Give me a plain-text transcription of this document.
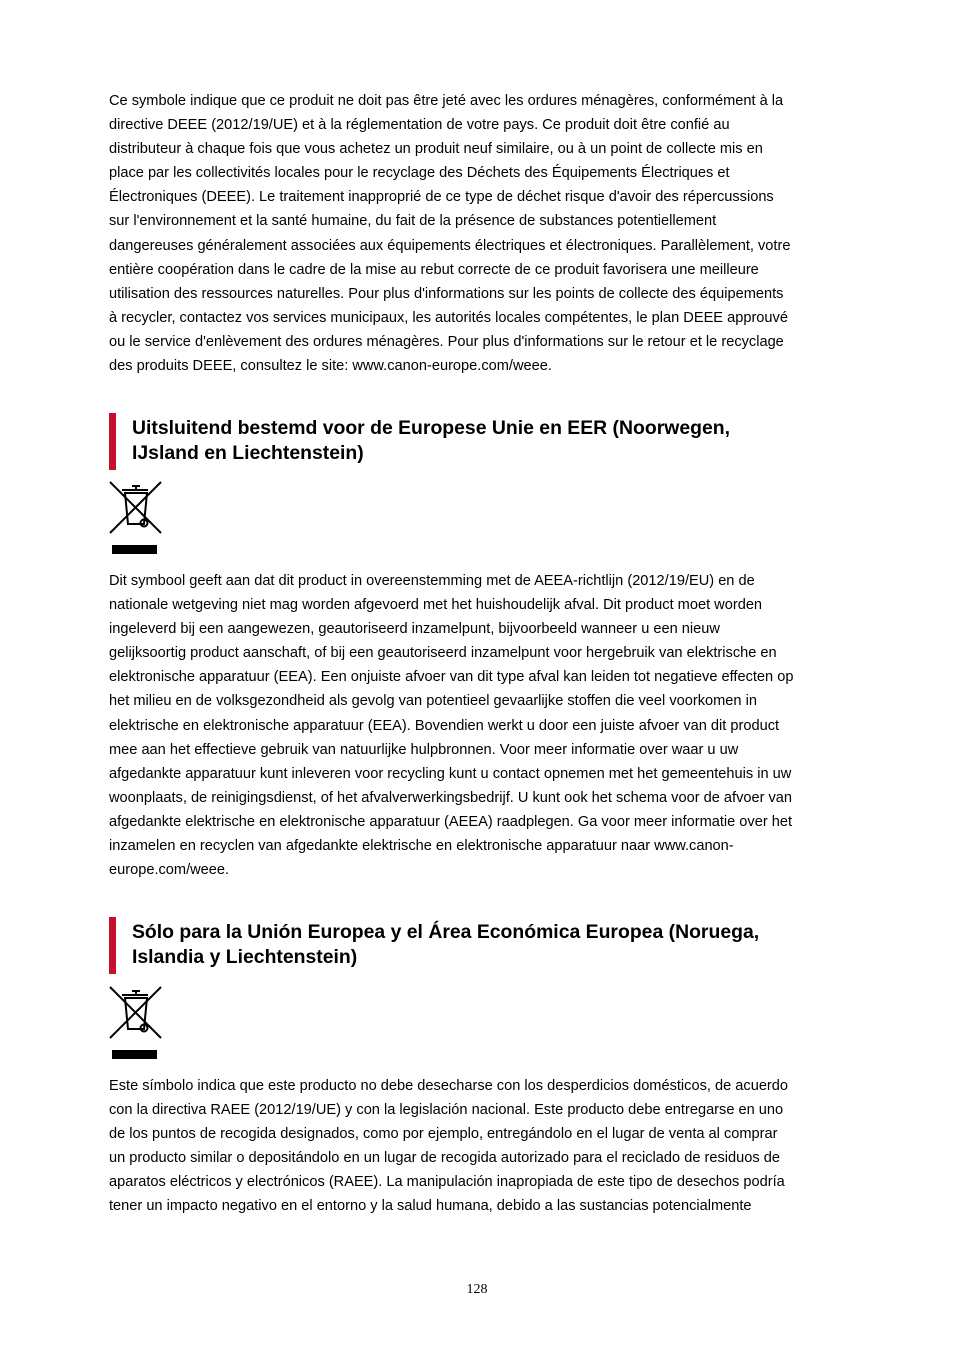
Ce symbole indique que ce produit ne doit pas être jeté avec les ordures ménagères, conformément à la
directive DEEE (2012/19/UE) et à la réglementation de votre pays. Ce produit doit être confié au
distributeur à chaque fois que vous achetez un produit neuf similaire, ou à un point de collecte mis en
place par les collectivités locales pour le recyclage des Déchets des Équipements Électriques et
Électroniques (DEEE). Le traitement inapproprié de ce type de déchet risque d'avoir des répercussions
sur l'environnement et la santé humaine, du fait de la présence de substances potentiellement
dangereuses généralement associées aux équipements électriques et électroniques. Parallèlement, votre
entière coopération dans le cadre de la mise au rebut correcte de ce produit favorisera une meilleure
utilisation des ressources naturelles. Pour plus d'informations sur les points de collecte des équipements
à recycler, contactez vos services municipaux, les autorités locales compétentes, le plan DEEE approuvé
ou le service d'enlèvement des ordures ménagères. Pour plus d'informations sur le retour et le recyclage
des produits DEEE, consultez le site: www.canon-europe.com/weee.

Uitsluitend bestemd voor de Europese Unie en EER (Noorwegen,
IJsland en Liechtenstein)

Dit symbool geeft aan dat dit product in overeenstemming met de AEEA-richtlijn (2012/19/EU) en de
nationale wetgeving niet mag worden afgevoerd met het huishoudelijk afval. Dit product moet worden
ingeleverd bij een aangewezen, geautoriseerd inzamelpunt, bijvoorbeeld wanneer u een nieuw
gelijksoortig product aanschaft, of bij een geautoriseerd inzamelpunt voor hergebruik van elektrische en
elektronische apparatuur (EEA). Een onjuiste afvoer van dit type afval kan leiden tot negatieve effecten op
het milieu en de volksgezondheid als gevolg van potentieel gevaarlijke stoffen die veel voorkomen in
elektrische en elektronische apparatuur (EEA). Bovendien werkt u door een juiste afvoer van dit product
mee aan het effectieve gebruik van natuurlijke hulpbronnen. Voor meer informatie over waar u uw
afgedankte apparatuur kunt inleveren voor recycling kunt u contact opnemen met het gemeentehuis in uw
woonplaats, de reinigingsdienst, of het afvalverwerkingsbedrijf. U kunt ook het schema voor de afvoer van
afgedankte elektrische en elektronische apparatuur (AEEA) raadplegen. Ga voor meer informatie over het
inzamelen en recyclen van afgedankte elektrische en elektronische apparatuur naar www.canon-
europe.com/weee.

Sólo para la Unión Europea y el Área Económica Europea (Noruega,
Islandia y Liechtenstein)

Este símbolo indica que este producto no debe desecharse con los desperdicios domésticos, de acuerdo
con la directiva RAEE (2012/19/UE) y con la legislación nacional. Este producto debe entregarse en uno
de los puntos de recogida designados, como por ejemplo, entregándolo en el lugar de venta al comprar
un producto similar o depositándolo en un lugar de recogida autorizado para el reciclado de residuos de
aparatos eléctricos y electrónicos (RAEE). La manipulación inapropiada de este tipo de desechos podría
tener un impacto negativo en el entorno y la salud humana, debido a las sustancias potencialmente

128
